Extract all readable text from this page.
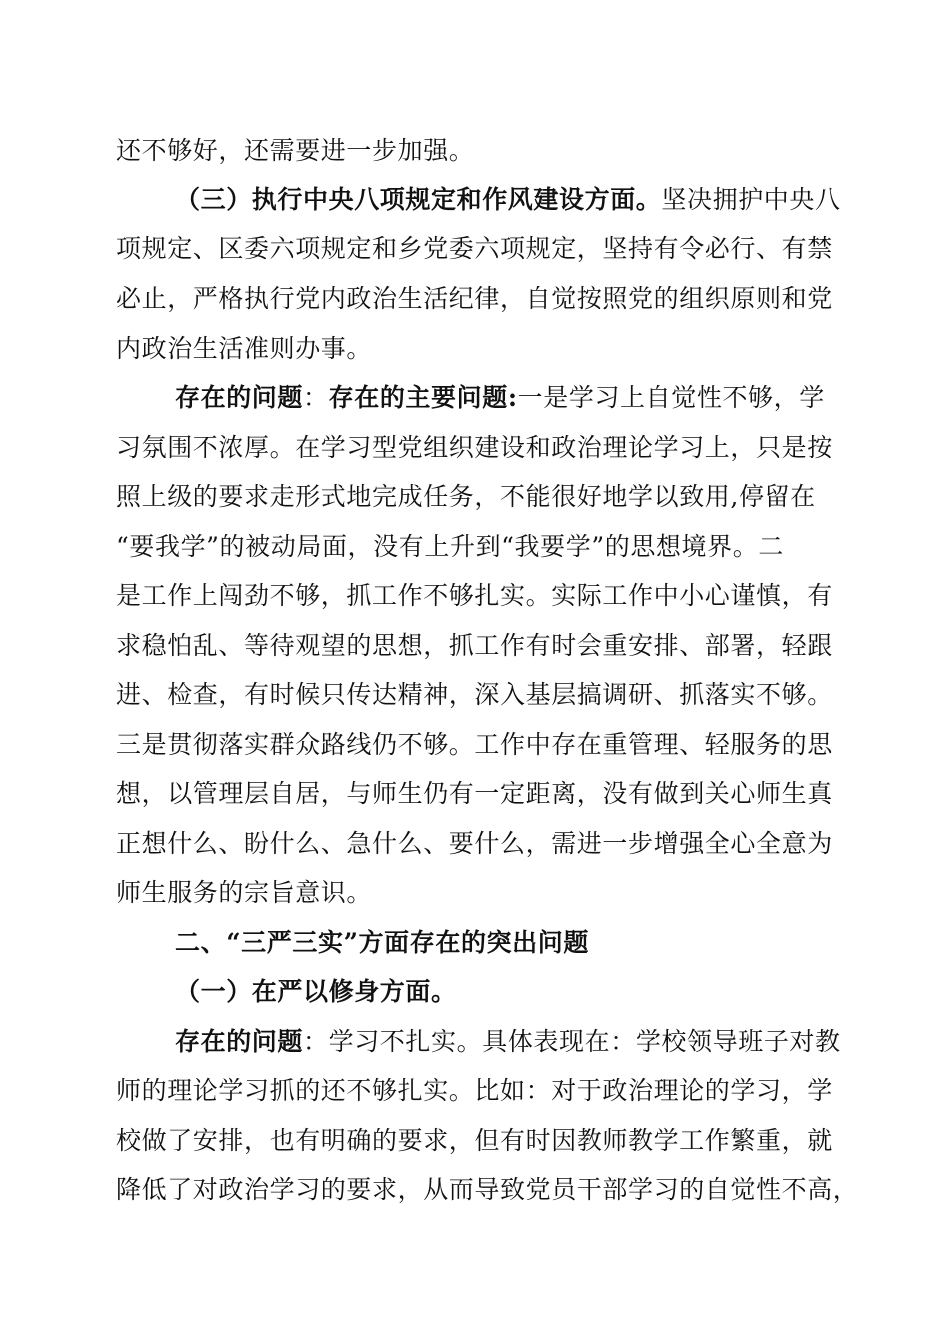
还不够好，还需要进一步加强。
（三）执行中央八项规定和作风建设方面。坚决拥护中央八
项规定、区委六项规定和乡党委六项规定，坚持有令必行、有禁
必止，严格执行党内政治生活纪律，自觉按照党的组织原则和党
内政治生活准则办事。
存在的问题：存在的主要问题:一是学习上自觉性不够，学
习氛围不浓厚。在学习型党组织建设和政治理论学习上，只是按
照上级的要求走形式地完成任务，不能很好地学以致用,停留在
“要我学”的被动局面，没有上升到“我要学”的思想境界。二
是工作上闯劲不够，抓工作不够扎实。实际工作中小心谨慎，有
求稳怕乱、等待观望的思想，抓工作有时会重安排、部署，轻跟
进、检查，有时候只传达精神，深入基层搞调研、抓落实不够。
三是贯彻落实群众路线仍不够。工作中存在重管理、轻服务的思
想，以管理层自居，与师生仍有一定距离，没有做到关心师生真
正想什么、盼什么、急什么、要什么，需进一步增强全心全意为
师生服务的宗旨意识。
二、“三严三实”方面存在的突出问题
（一）在严以修身方面。
存在的问题：学习不扎实。具体表现在：学校领导班子对教
师的理论学习抓的还不够扎实。比如：对于政治理论的学习，学
校做了安排，也有明确的要求，但有时因教师教学工作繁重，就
降低了对政治学习的要求，从而导致党员干部学习的自觉性不高，
